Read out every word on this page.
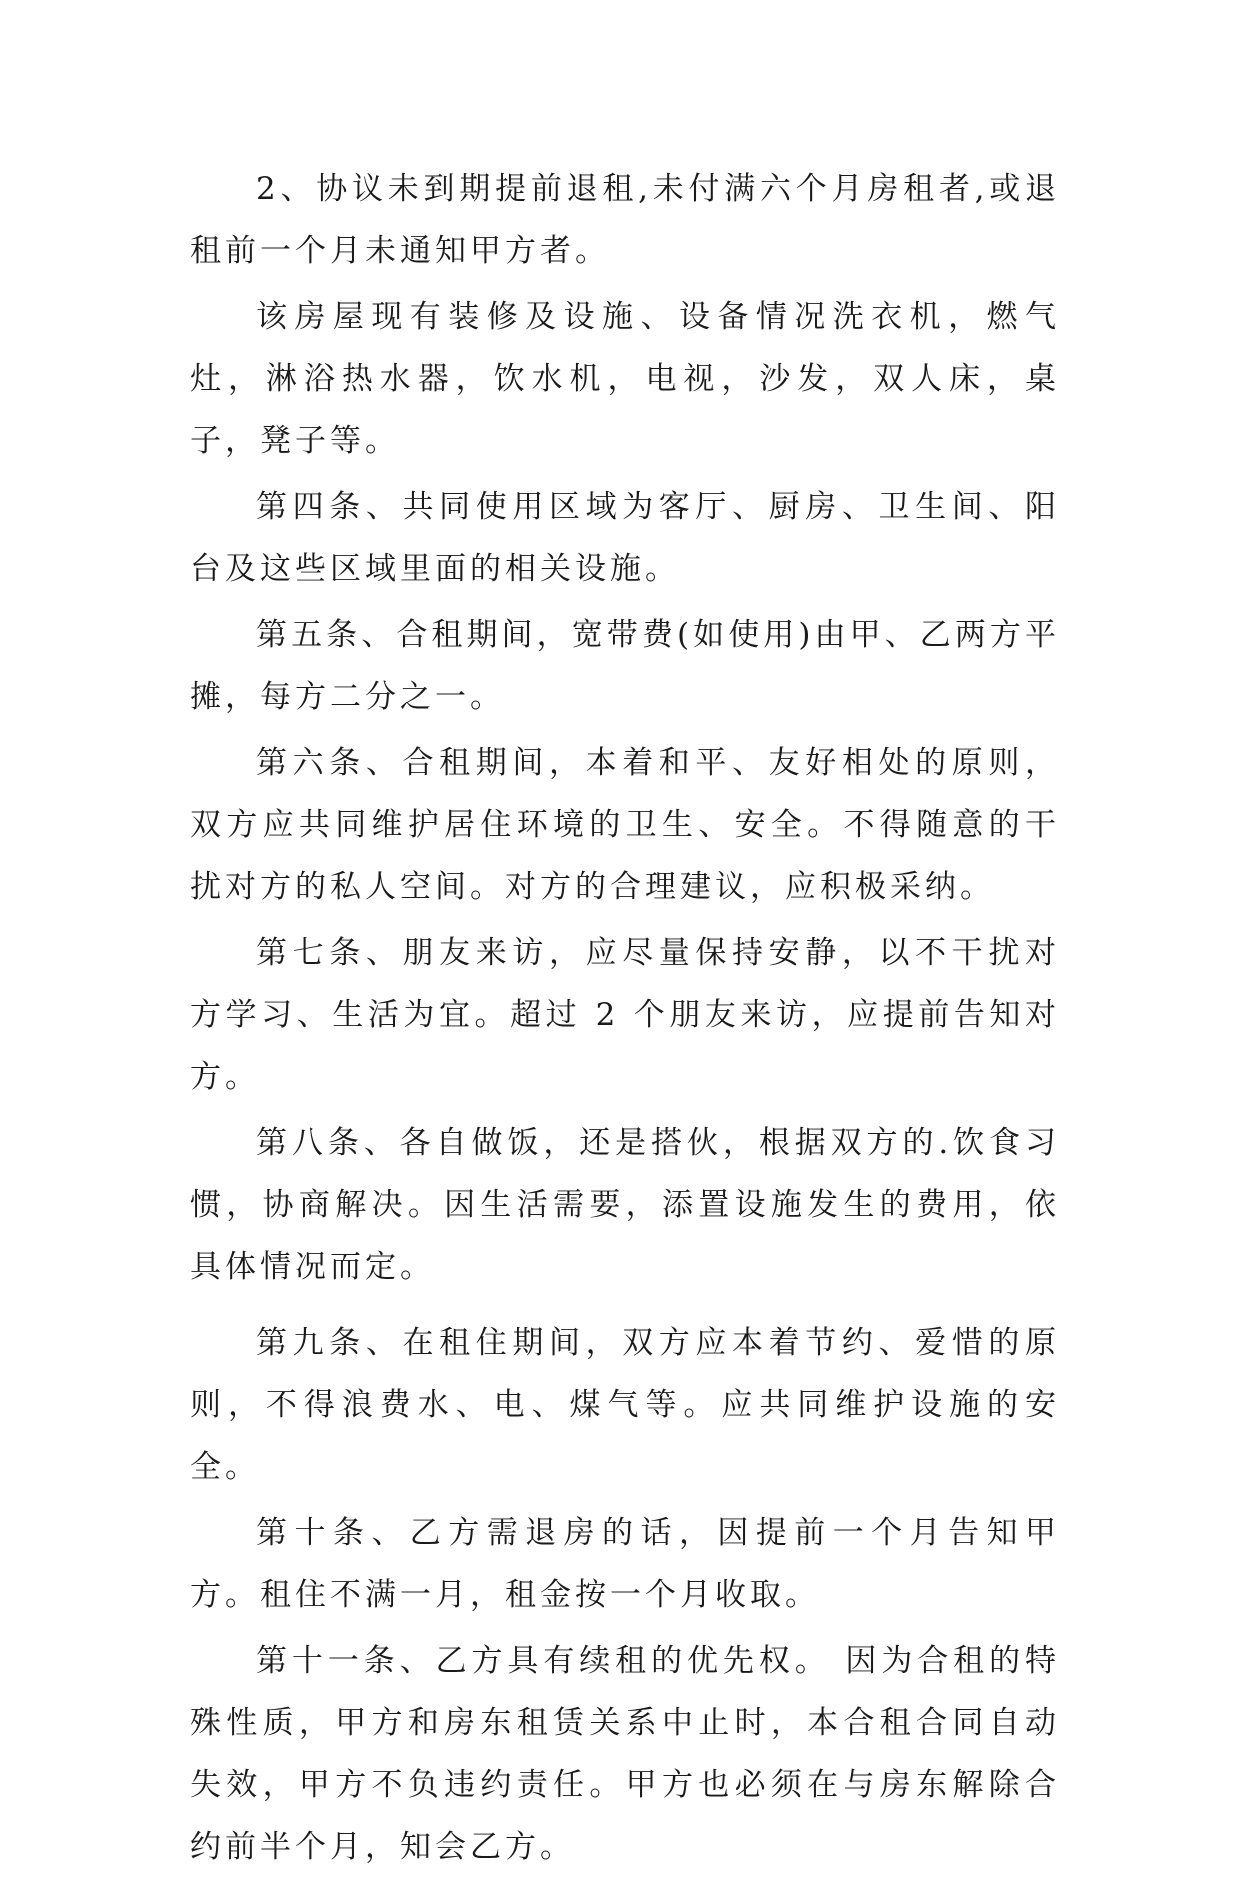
2、协议未到期提前退租,未付满六个月房租者,或退租前一个月未通知甲方者。

该房屋现有装修及设施、设备情况洗衣机，燃气灶，淋浴热水器，饮水机，电视，沙发，双人床，桌子，凳子等。

第四条、共同使用区域为客厅、厨房、卫生间、阳台及这些区域里面的相关设施。

第五条、合租期间，宽带费(如使用)由甲、乙两方平摊，每方二分之一。

第六条、合租期间，本着和平、友好相处的原则，双方应共同维护居住环境的卫生、安全。不得随意的干扰对方的私人空间。对方的合理建议，应积极采纳。

第七条、朋友来访，应尽量保持安静，以不干扰对方学习、生活为宜。超过 2 个朋友来访，应提前告知对方。

第八条、各自做饭，还是搭伙，根据双方的.饮食习惯，协商解决。因生活需要，添置设施发生的费用，依具体情况而定。

第九条、在租住期间，双方应本着节约、爱惜的原则，不得浪费水、电、煤气等。应共同维护设施的安全。

第十条、乙方需退房的话，因提前一个月告知甲方。租住不满一月，租金按一个月收取。

第十一条、乙方具有续租的优先权。 因为合租的特殊性质，甲方和房东租赁关系中止时，本合租合同自动失效，甲方不负违约责任。甲方也必须在与房东解除合约前半个月，知会乙方。
